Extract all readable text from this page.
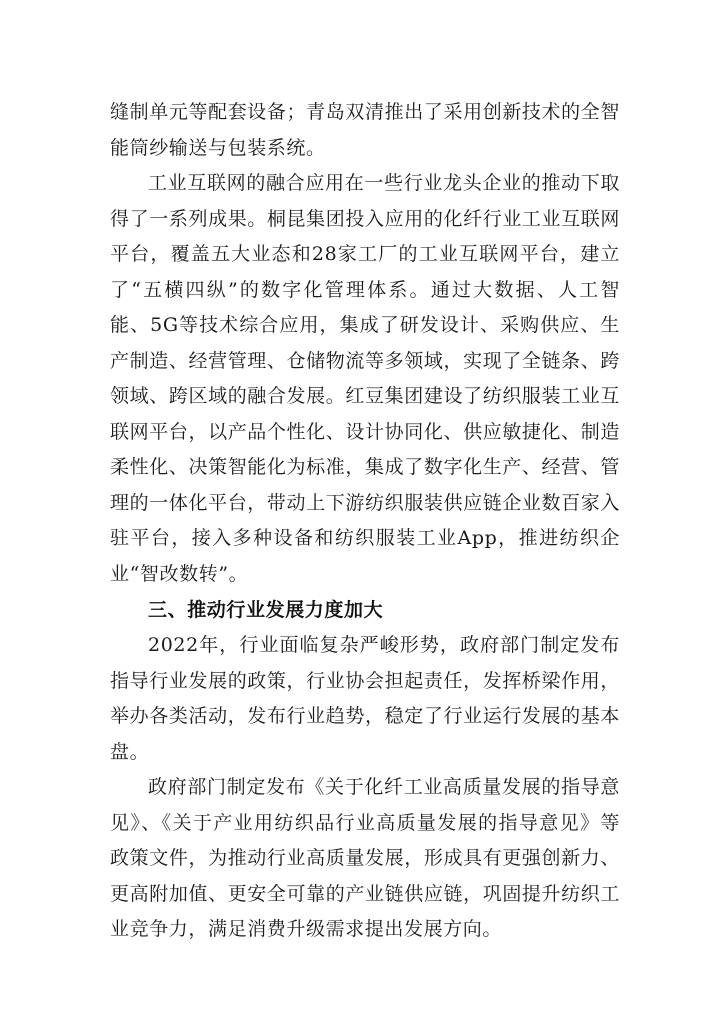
缝制单元等配套设备；青岛双清推出了采用创新技术的全智能筒纱输送与包装系统。

工业互联网的融合应用在一些行业龙头企业的推动下取得了一系列成果。桐昆集团投入应用的化纤行业工业互联网平台，覆盖五大业态和28家工厂的工业互联网平台，建立了“五横四纵”的数字化管理体系。通过大数据、人工智能、5G等技术综合应用，集成了研发设计、采购供应、生产制造、经营管理、仓储物流等多领域，实现了全链条、跨领域、跨区域的融合发展。红豆集团建设了纺织服装工业互联网平台，以产品个性化、设计协同化、供应敏捷化、制造柔性化、决策智能化为标准，集成了数字化生产、经营、管理的一体化平台，带动上下游纺织服装供应链企业数百家入驻平台，接入多种设备和纺织服装工业App，推进纺织企业“智改数转”。

三、推动行业发展力度加大

2022年，行业面临复杂严峻形势，政府部门制定发布指导行业发展的政策，行业协会担起责任，发挥桥梁作用，举办各类活动，发布行业趋势，稳定了行业运行发展的基本盘。

政府部门制定发布《关于化纤工业高质量发展的指导意见》、《关于产业用纺织品行业高质量发展的指导意见》等政策文件，为推动行业高质量发展，形成具有更强创新力、更高附加值、更安全可靠的产业链供应链，巩固提升纺织工业竞争力，满足消费升级需求提出发展方向。
